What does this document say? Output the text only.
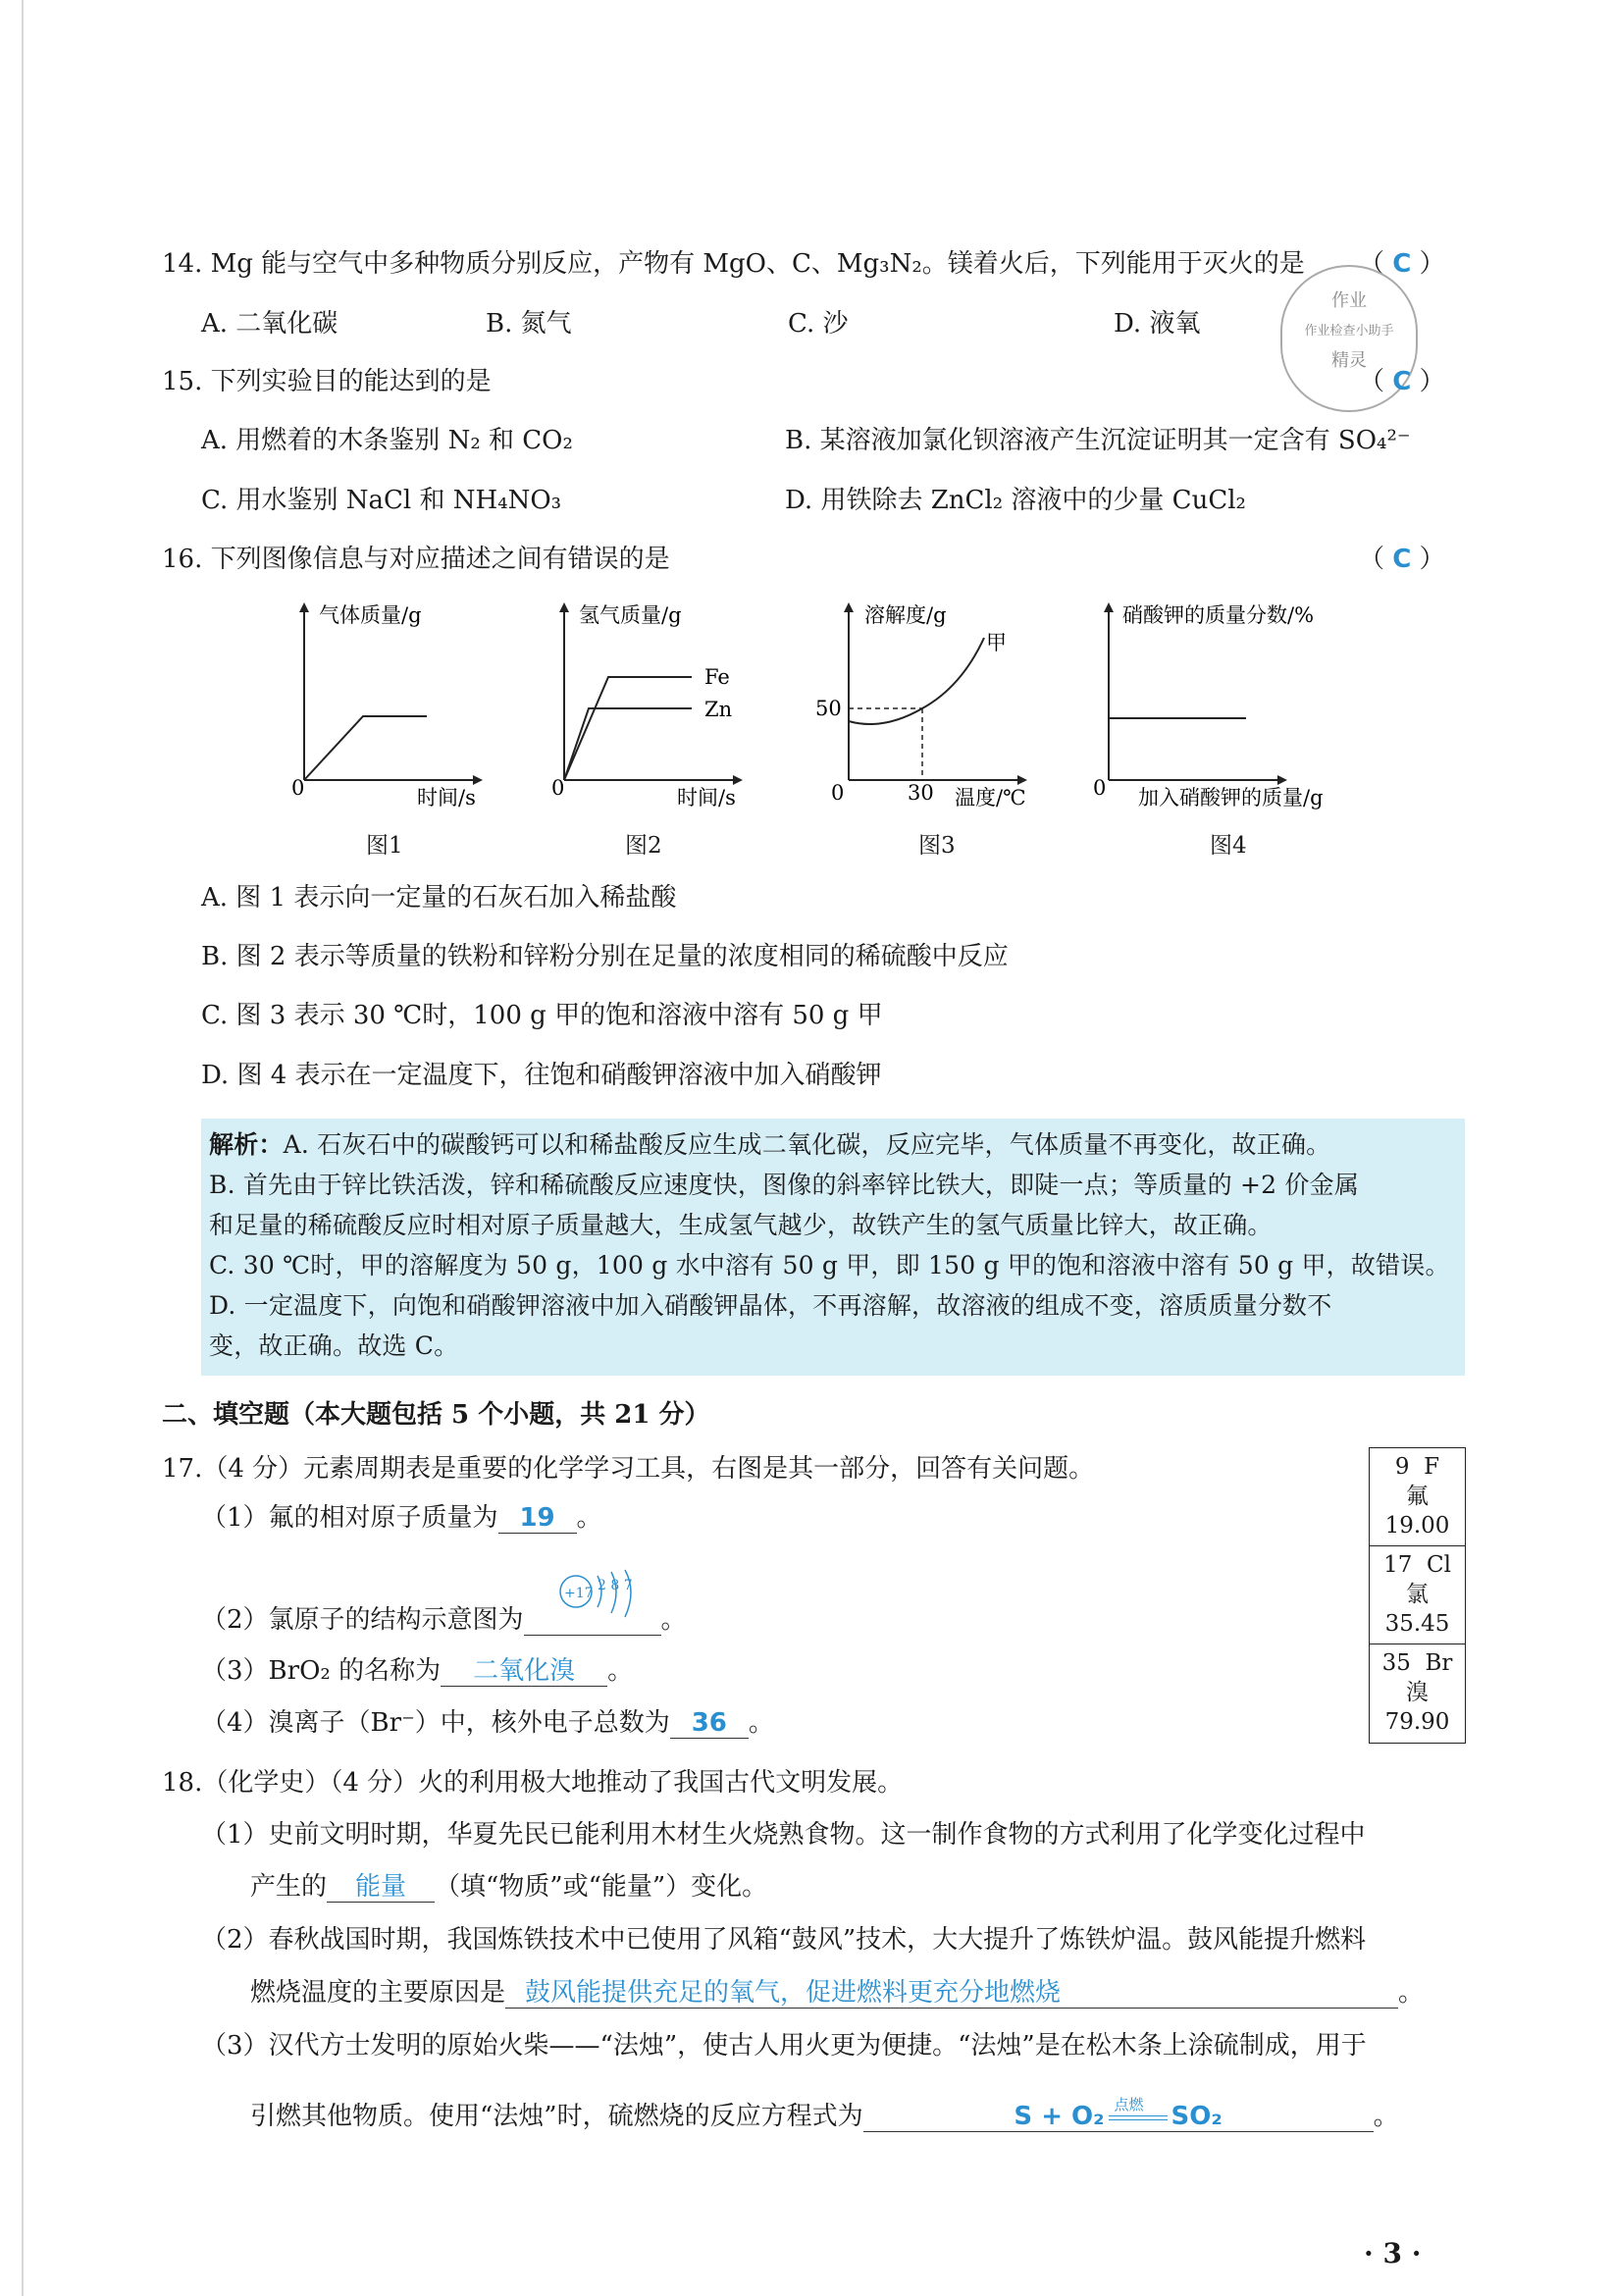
14. Mg 能与空气中多种物质分别反应，产物有 MgO、C、Mg₃N₂。镁着火后，下列能用于灭火的是 （ C ）
A. 二氧化碳	B. 氮气	C. 沙	D. 液氧
作业
作业检查小助手
精灵
15. 下列实验目的能达到的是	（ C ）
A. 用燃着的木条鉴别 N₂ 和 CO₂	B. 某溶液加氯化钡溶液产生沉淀证明其一定含有 SO₄²⁻
C. 用水鉴别 NaCl 和 NH₄NO₃	D. 用铁除去 ZnCl₂ 溶液中的少量 CuCl₂
16. 下列图像信息与对应描述之间有错误的是	（ C ）
气体质量/g
0	时间/s
图1
氢气质量/g
Fe
Zn
0	时间/s
图2
溶解度/g
甲
50
30
0	温度/℃
图3
硝酸钾的质量分数/%
0 加入硝酸钾的质量/g
图4
A. 图 1 表示向一定量的石灰石加入稀盐酸
B. 图 2 表示等质量的铁粉和锌粉分别在足量的浓度相同的稀硫酸中反应
C. 图 3 表示 30 ℃时，100 g 甲的饱和溶液中溶有 50 g 甲
D. 图 4 表示在一定温度下，往饱和硝酸钾溶液中加入硝酸钾
解析：A. 石灰石中的碳酸钙可以和稀盐酸反应生成二氧化碳，反应完毕，气体质量不再变化，故正确。
B. 首先由于锌比铁活泼，锌和稀硫酸反应速度快，图像的斜率锌比铁大，即陡一点；等质量的 +2 价金属
和足量的稀硫酸反应时相对原子质量越大，生成氢气越少，故铁产生的氢气质量比锌大，故正确。
C. 30 ℃时，甲的溶解度为 50 g，100 g 水中溶有 50 g 甲，即 150 g 甲的饱和溶液中溶有 50 g 甲，故错误。
D. 一定温度下，向饱和硝酸钾溶液中加入硝酸钾晶体，不再溶解，故溶液的组成不变，溶质质量分数不
变，故正确。故选 C。
二、填空题（本大题包括 5 个小题，共 21 分）
17.（4 分）元素周期表是重要的化学学习工具，右图是其一部分，回答有关问题。
（1）氟的相对原子质量为 19 。
+17 2 8 7
（2）氯原子的结构示意图为	。
（3）BrO₂ 的名称为 二氧化溴 。
（4）溴离子（Br⁻）中，核外电子总数为 36 。
9 F
氟
19.00
17 Cl
氯
35.45
35 Br
溴
79.90
18.（化学史）（4 分）火的利用极大地推动了我国古代文明发展。
（1）史前文明时期，华夏先民已能利用木材生火烧熟食物。这一制作食物的方式利用了化学变化过程中
产生的 能量 （填“物质”或“能量”）变化。
（2）春秋战国时期，我国炼铁技术中已使用了风箱“鼓风”技术，大大提升了炼铁炉温。鼓风能提升燃料
燃烧温度的主要原因是 鼓风能提供充足的氧气，促进燃料更充分地燃烧	。
（3）汉代方士发明的原始火柴——“法烛”，使古人用火更为便捷。“法烛”是在松木条上涂硫制成，用于
引燃其他物质。使用“法烛”时，硫燃烧的反应方程式为	S + O₂ 点燃 SO₂	。
· 3 ·
